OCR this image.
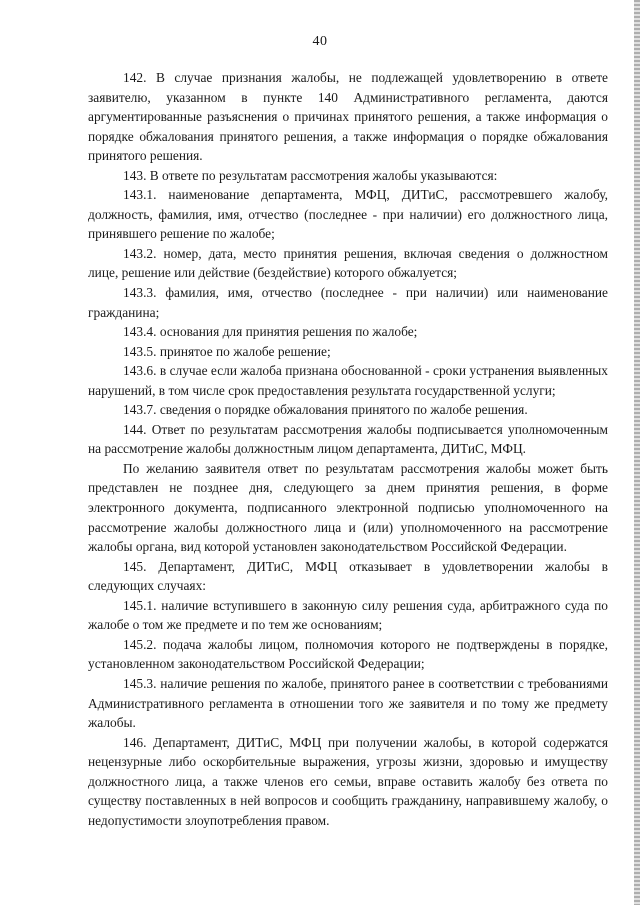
40

142. В случае признания жалобы, не подлежащей удовлетворению в ответе заявителю, указанном в пункте 140 Административного регламента, даются аргументированные разъяснения о причинах принятого решения, а также информация о порядке обжалования принятого решения, а также информация о порядке обжалования принятого решения.

143. В ответе по результатам рассмотрения жалобы указываются:

143.1. наименование департамента, МФЦ, ДИТиС, рассмотревшего жалобу, должность, фамилия, имя, отчество (последнее - при наличии) его должностного лица, принявшего решение по жалобе;

143.2. номер, дата, место принятия решения, включая сведения о должностном лице, решение или действие (бездействие) которого обжалуется;

143.3. фамилия, имя, отчество (последнее - при наличии) или наименование гражданина;

143.4. основания для принятия решения по жалобе;

143.5. принятое по жалобе решение;

143.6. в случае если жалоба признана обоснованной - сроки устранения выявленных нарушений, в том числе срок предоставления результата государственной услуги;

143.7. сведения о порядке обжалования принятого по жалобе решения.

144. Ответ по результатам рассмотрения жалобы подписывается уполномоченным на рассмотрение жалобы должностным лицом департамента, ДИТиС, МФЦ.

По желанию заявителя ответ по результатам рассмотрения жалобы может быть представлен не позднее дня, следующего за днем принятия решения, в форме электронного документа, подписанного электронной подписью уполномоченного на рассмотрение жалобы должностного лица и (или) уполномоченного на рассмотрение жалобы органа, вид которой установлен законодательством Российской Федерации.

145. Департамент, ДИТиС, МФЦ отказывает в удовлетворении жалобы в следующих случаях:

145.1. наличие вступившего в законную силу решения суда, арбитражного суда по жалобе о том же предмете и по тем же основаниям;

145.2. подача жалобы лицом, полномочия которого не подтверждены в порядке, установленном законодательством Российской Федерации;

145.3. наличие решения по жалобе, принятого ранее в соответствии с требованиями Административного регламента в отношении того же заявителя и по тому же предмету жалобы.

146. Департамент, ДИТиС, МФЦ при получении жалобы, в которой содержатся нецензурные либо оскорбительные выражения, угрозы жизни, здоровью и имуществу должностного лица, а также членов его семьи, вправе оставить жалобу без ответа по существу поставленных в ней вопросов и сообщить гражданину, направившему жалобу, о недопустимости злоупотребления правом.
